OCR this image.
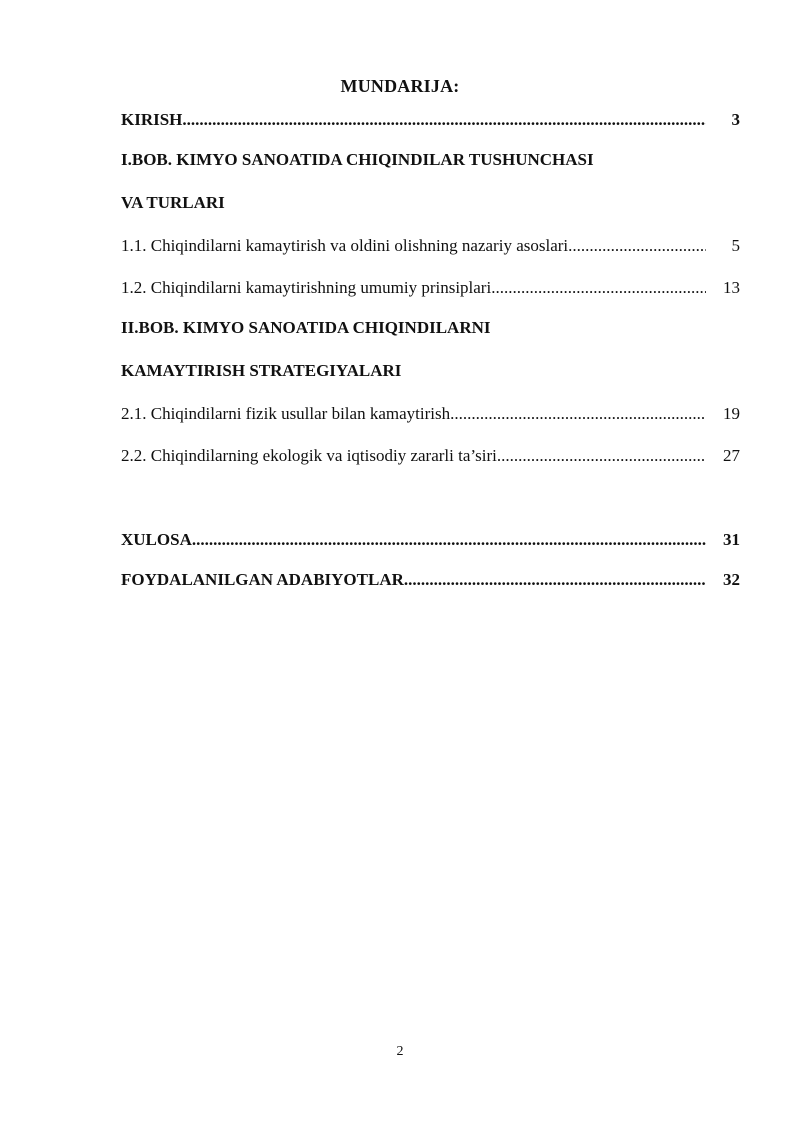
MUNDARIJA:
KIRISH .....	3
I.BOB. KIMYO SANOATIDA CHIQINDILAR TUSHUNCHASI
VA TURLARI
1.1. Chiqindilarni kamaytirish va oldini olishning nazariy asoslari .....	5
1.2. Chiqindilarni kamaytirishning umumiy prinsiplari .....	13
II.BOB. KIMYO SANOATIDA CHIQINDILARNI
KAMAYTIRISH STRATEGIYALARI
2.1. Chiqindilarni fizik usullar bilan kamaytirish .....	19
2.2. Chiqindilarning ekologik va iqtisodiy zararli ta’siri .....	27
XULOSA .....	31
FOYDALANILGAN ADABIYOTLAR .....	32
2
